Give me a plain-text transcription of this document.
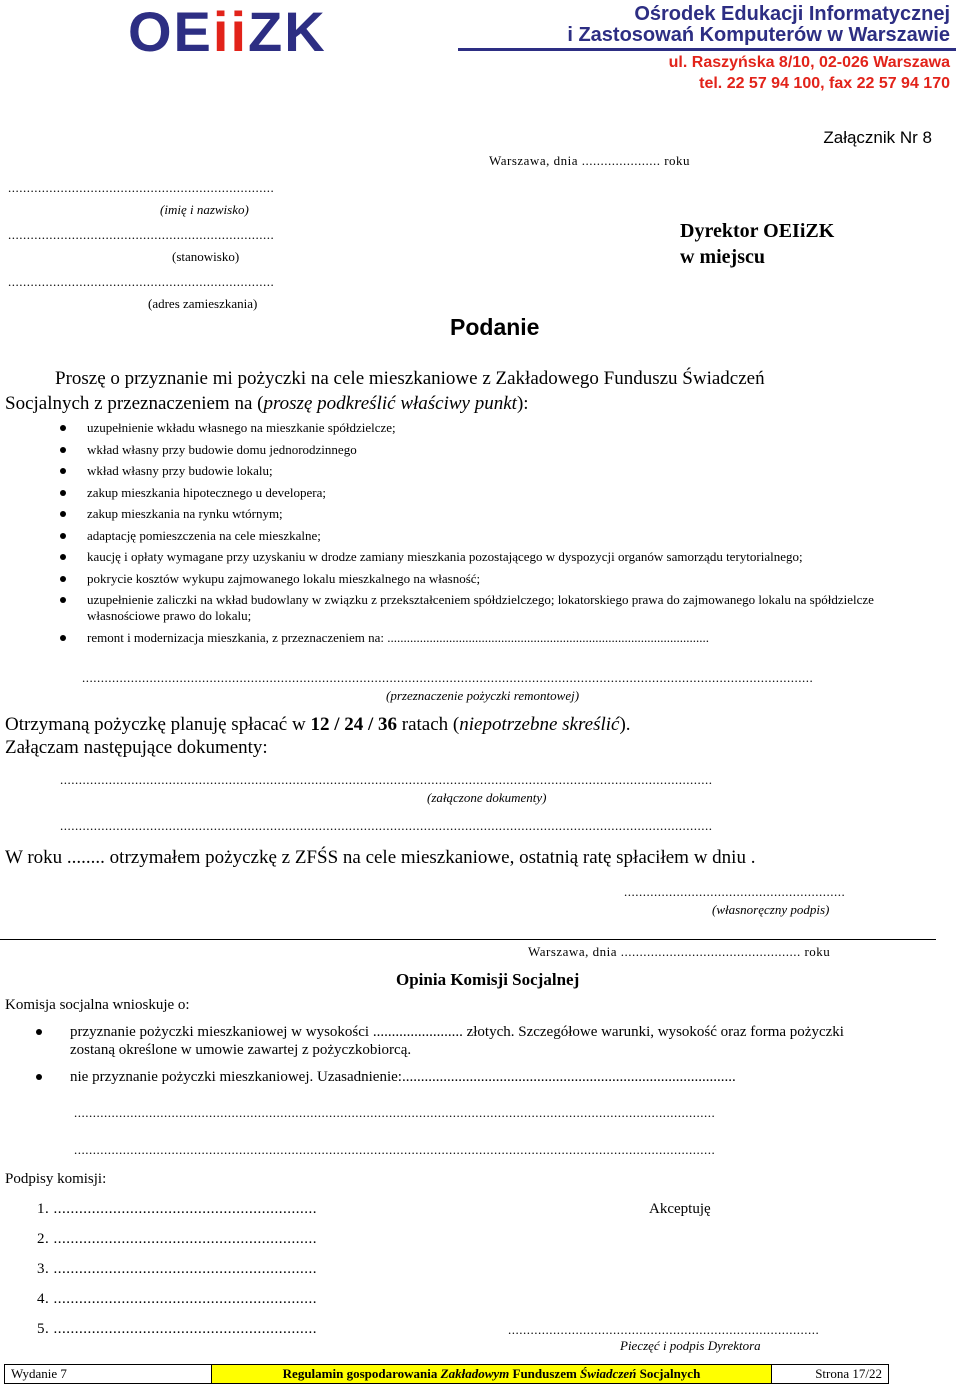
OEiiZK	Ośrodek Edukacji Informatycznej
i Zastosowań Komputerów w Warszawie
ul. Raszyńska 8/10, 02-026 Warszawa
tel. 22 57 94 100, fax 22 57 94 170
Załącznik Nr 8
Warszawa, dnia ..................... roku
.......................................................................
(imię i nazwisko)
.......................................................................
(stanowisko)
.......................................................................
(adres zamieszkania)
Dyrektor OEIiZK
w miejscu
Podanie
Proszę o przyznanie mi pożyczki na cele mieszkaniowe z Zakładowego Funduszu Świadczeń
Socjalnych z przeznaczeniem na (proszę podkreślić właściwy punkt):
uzupełnienie wkładu własnego na mieszkanie spółdzielcze;
wkład własny przy budowie domu jednorodzinnego
wkład własny przy budowie lokalu;
zakup mieszkania hipotecznego u developera;
zakup mieszkania na rynku wtórnym;
adaptację pomieszczenia na cele mieszkalne;
kaucję i opłaty wymagane przy uzyskaniu w drodze zamiany mieszkania pozostającego w dyspozycji organów samorządu terytorialnego;
pokrycie kosztów wykupu zajmowanego lokalu mieszkalnego na własność;
uzupełnienie zaliczki na wkład budowlany w związku z przekształceniem spółdzielczego; lokatorskiego prawa do zajmowanego lokalu na spółdzielcze własnościowe prawo do lokalu;
remont i modernizacja mieszkania, z przeznaczeniem na: ...................................................................................................
...................................................................................................................................................................................................
(przeznaczenie pożyczki remontowej)
Otrzymaną pożyczkę planuję spłacać w 12 / 24 / 36 ratach (niepotrzebne skreślić).
Załączam następujące dokumenty:
..............................................................................................................................................................................
(załączone dokumenty)
..............................................................................................................................................................................
W roku ........ otrzymałem pożyczkę z ZFŚS na cele mieszkaniowe, ostatnią ratę spłaciłem w dniu .
...........................................................
(własnoręczny podpis)
Warszawa, dnia ................................................ roku
Opinia Komisji Socjalnej
Komisja socjalna wnioskuje o:
przyznanie pożyczki mieszkaniowej w wysokości ........................ złotych. Szczegółowe warunki, wysokość oraz forma pożyczki
zostaną określone w umowie zawartej z pożyczkobiorcą.
nie przyznanie pożyczki mieszkaniowej. Uzasadnienie:.........................................................................................
...........................................................................................................................................................................
...........................................................................................................................................................................
Podpisy komisji:
1. ..............................................................
2. ..............................................................
3. ..............................................................
4. ..............................................................
5. ..............................................................
Akceptuję
...................................................................................
Pieczęć i podpis Dyrektora
Wydanie 7	Regulamin gospodarowania Zakładowym Funduszem Świadczeń Socjalnych	Strona 17/22
